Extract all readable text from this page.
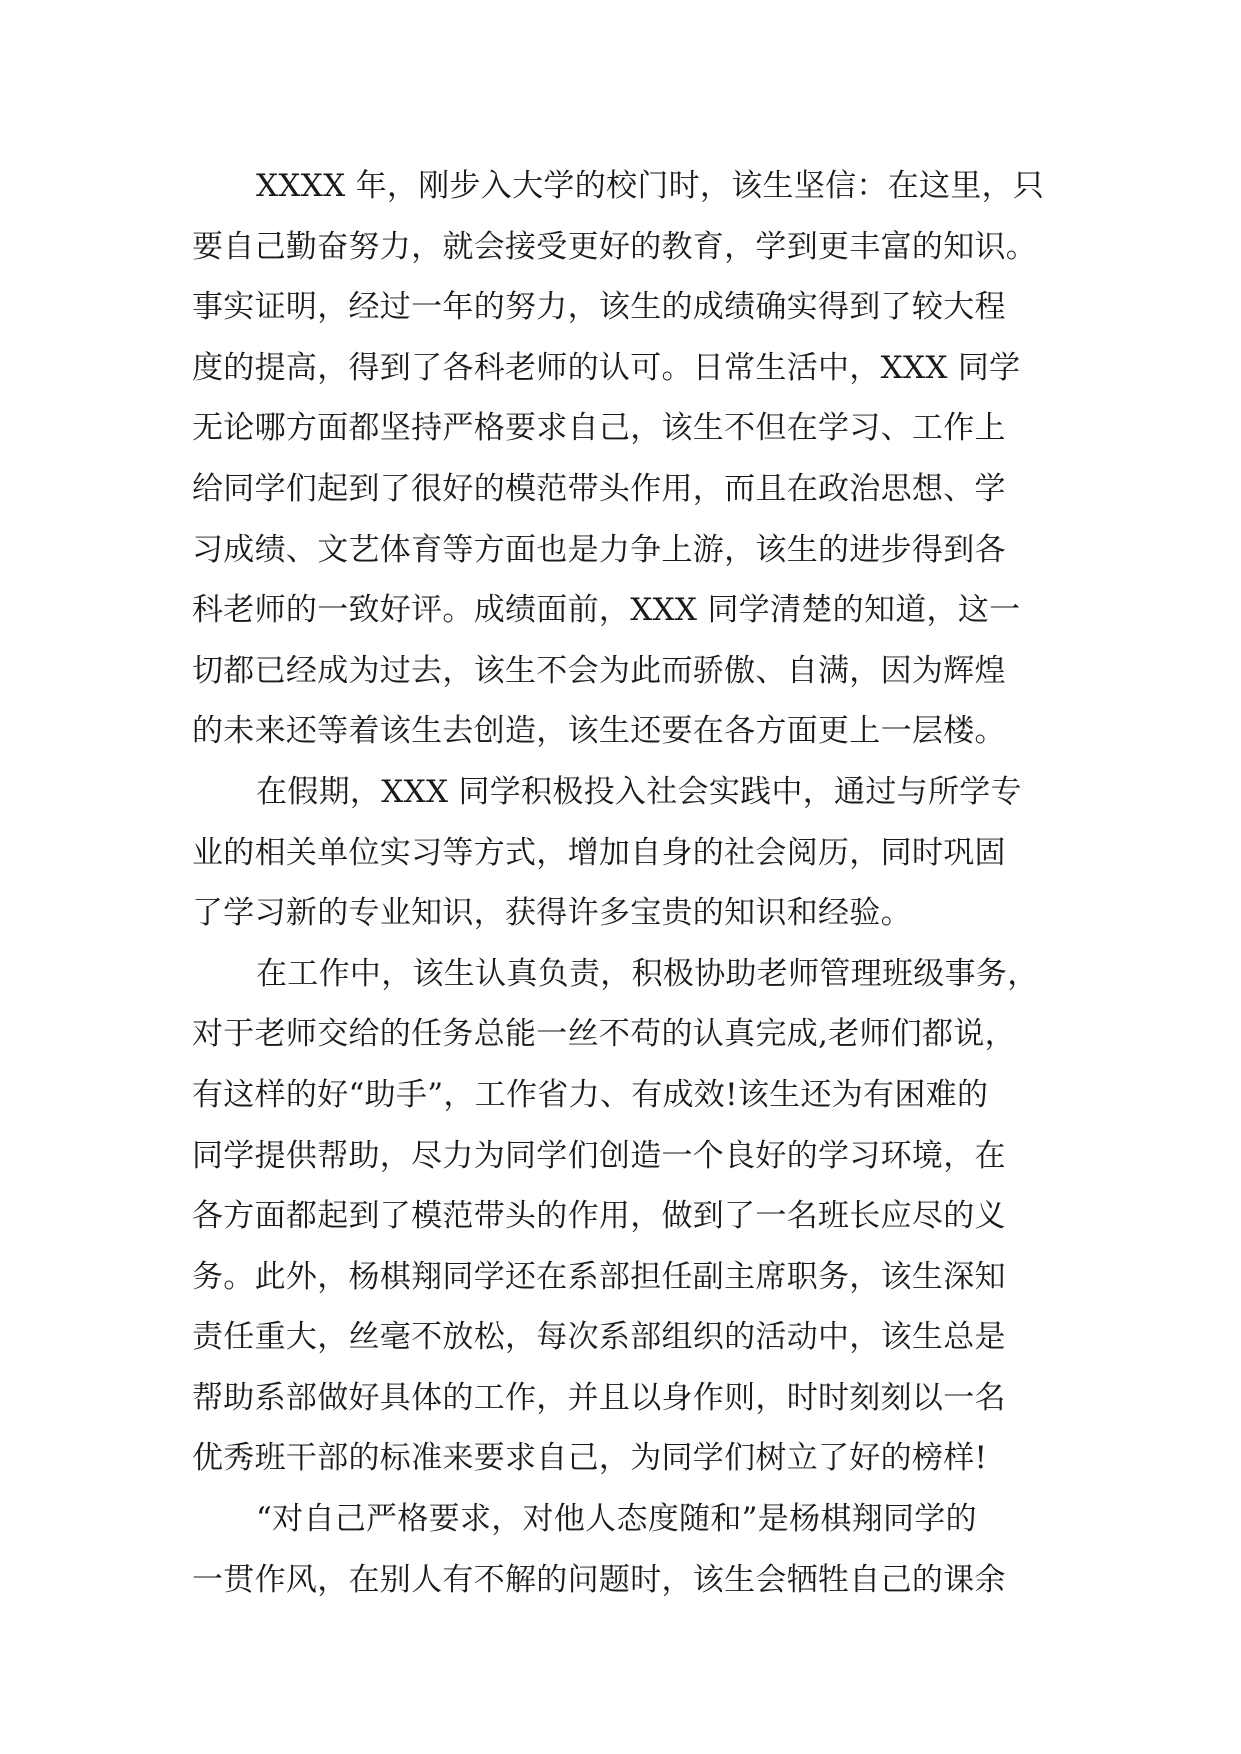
XXXX 年，刚步入大学的校门时，该生坚信：在这里，只
要自己勤奋努力，就会接受更好的教育，学到更丰富的知识。
事实证明，经过一年的努力，该生的成绩确实得到了较大程
度的提高，得到了各科老师的认可。日常生活中，XXX 同学
无论哪方面都坚持严格要求自己，该生不但在学习、工作上
给同学们起到了很好的模范带头作用，而且在政治思想、学
习成绩、文艺体育等方面也是力争上游，该生的进步得到各
科老师的一致好评。成绩面前，XXX 同学清楚的知道，这一
切都已经成为过去，该生不会为此而骄傲、自满，因为辉煌
的未来还等着该生去创造，该生还要在各方面更上一层楼。
在假期，XXX 同学积极投入社会实践中，通过与所学专
业的相关单位实习等方式，增加自身的社会阅历，同时巩固
了学习新的专业知识，获得许多宝贵的知识和经验。
在工作中，该生认真负责，积极协助老师管理班级事务，
对于老师交给的任务总能一丝不苟的认真完成,老师们都说，
有这样的好“助手”，工作省力、有成效!该生还为有困难的
同学提供帮助，尽力为同学们创造一个良好的学习环境，在
各方面都起到了模范带头的作用，做到了一名班长应尽的义
务。此外，杨棋翔同学还在系部担任副主席职务，该生深知
责任重大，丝毫不放松，每次系部组织的活动中，该生总是
帮助系部做好具体的工作，并且以身作则，时时刻刻以一名
优秀班干部的标准来要求自己，为同学们树立了好的榜样!
“对自己严格要求，对他人态度随和”是杨棋翔同学的
一贯作风，在别人有不解的问题时，该生会牺牲自己的课余
